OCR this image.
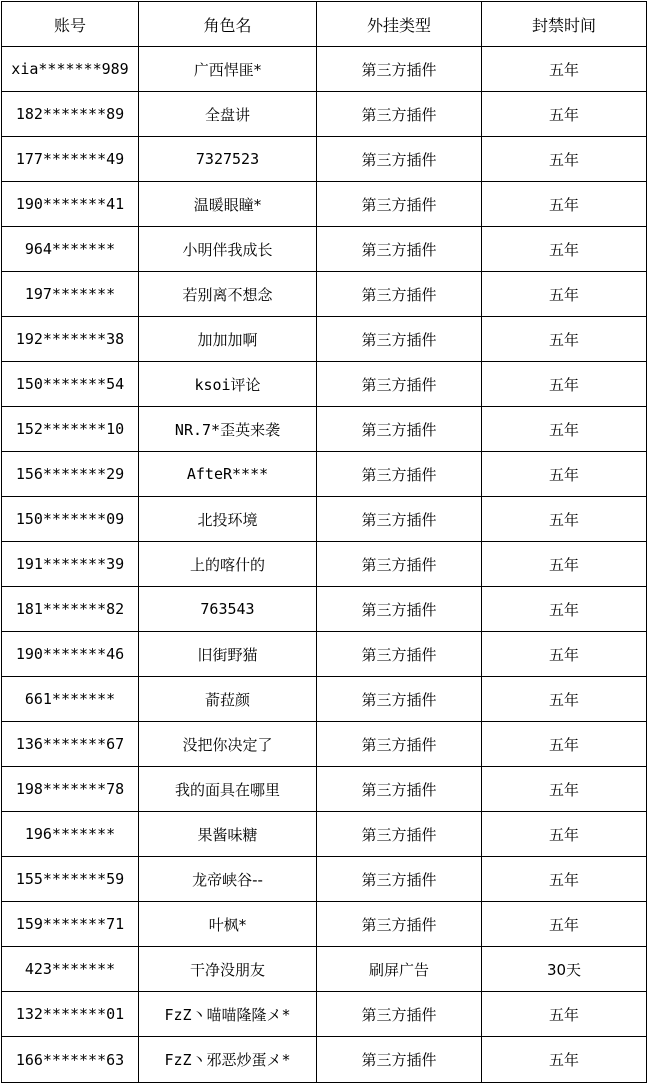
账号	角色名	外挂类型	封禁时间
xia*******989	广西悍匪*	第三方插件	五年
182*******89	全盘讲	第三方插件	五年
177*******49	7327523	第三方插件	五年
190*******41	温暖眼瞳*	第三方插件	五年
964*******	小明伴我成长	第三方插件	五年
197*******	若别离不想念	第三方插件	五年
192*******38	加加加啊	第三方插件	五年
150*******54	ksoi评论	第三方插件	五年
152*******10	NR.7*歪英来袭	第三方插件	五年
156*******29	AfteR****	第三方插件	五年
150*******09	北投环境	第三方插件	五年
191*******39	上的喀什的	第三方插件	五年
181*******82	763543	第三方插件	五年
190*******46	旧街野猫	第三方插件	五年
661*******	萮菈颜	第三方插件	五年
136*******67	没把你决定了	第三方插件	五年
198*******78	我的面具在哪里	第三方插件	五年
196*******	果酱味糖	第三方插件	五年
155*******59	龙帝峡谷--	第三方插件	五年
159*******71	叶枫*	第三方插件	五年
423*******	干净没朋友	刷屏广告	30天
132*******01	FzZ丶喵喵隆隆メ*	第三方插件	五年
166*******63	FzZ丶邪恶炒蛋メ*	第三方插件	五年
